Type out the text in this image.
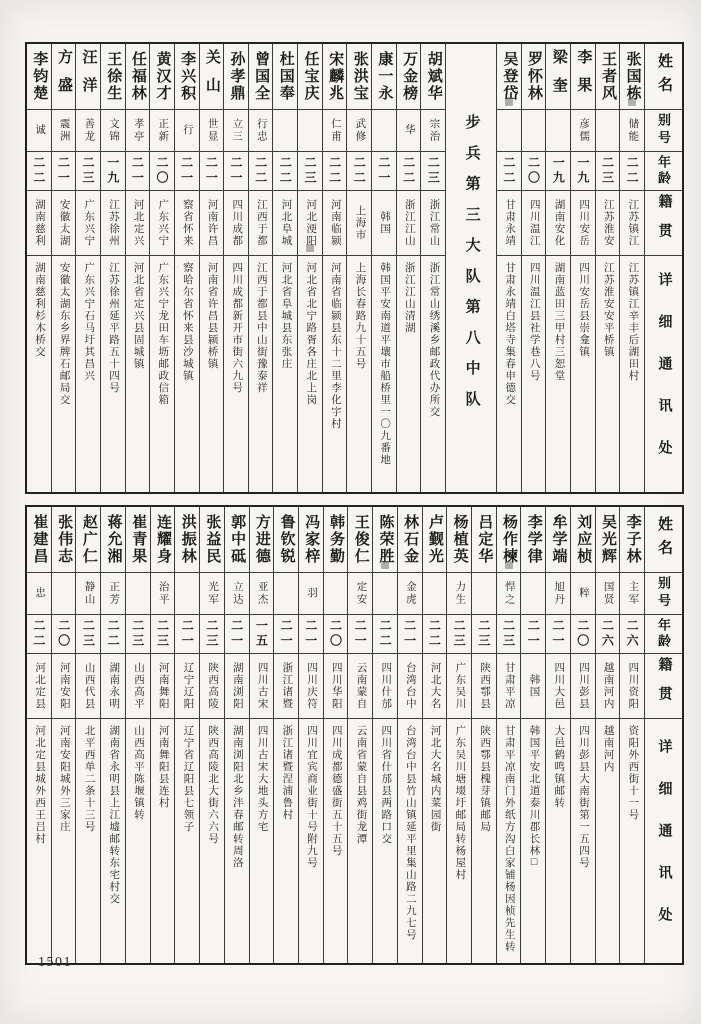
姓名
别号
年龄
籍贯
详细通讯处
张国栋
储能
二二
江苏镇江
江苏镇江辛丰后湖田村
王者风
二三
江苏淮安
江苏淮安安平桥镇
李果
彦儒
一九
四川安岳
四川安岳县崇龛镇
梁奎
一九
湖南安化
湖南蓝田三甲村三恕堂
罗怀林
二〇
四川温江
四川温江县社学巷八号
吴登岱
二二
甘肃永靖
甘肃永靖白塔寺集春申德交
步兵第三大队第八中队
胡斌华
宗治
二三
浙江常山
浙江常山绣溪乡邮政代办所交
万金榜
华
二二
浙江江山
浙江江山清湖
康一永
二一
韩国
韩国平安南道平壤市船桥里一〇九番地
张洪宝
武修
二二
上海市
上海长春路九十五号
宋麟兆
仁甫
二二
河南临颍
河南省临颍县东十二里李化宇村
任宝庆
二三
河北浭阳
河北省北宁路胥各庄北上岗
杜国奉
二二
河北阜城
河北省阜城县东张庄
曾国全
行忠
二二
江西于都
江西于都县中山街豫泰祥
孙孝鼎
立三
二一
四川成都
四川成都新开市街六九号
关山
世显
二一
河南许昌
河南省许昌县颍桥镇
李兴积
行
二一
察省怀来
察哈尔省怀来县沙城镇
黄汉才
正新
二〇
广东兴宁
广东兴宁龙田车坜邮政信箱
任福林
孝亭
二一
河北定兴
河北省定兴县固城镇
王徐生
文锦
一九
江苏徐州
江苏徐州延平路五十四号
汪洋
善龙
二三
广东兴宁
广东兴宁石马圩其昌兴
方盛
震洲
二一
安徽太湖
安徽太湖东乡界牌石邮局交
李钧楚
诚
二二
湖南慈利
湖南慈利杉木桥交
姓名
别号
年龄
籍贯
详细通讯处
李子林
主军
二六
四川资阳
资阳外西街十一号
吴光辉
国贤
二六
越南河内
越南河内
刘应桢
粹
二〇
四川彭县
四川彭县大南街第一五四号
牟学端
旭丹
二一
四川大邑
大邑鹤鸣镇邮转
李学律
二一
韩国
韩国平安北道泰川郡长林□
杨作楝
悍之
二三
甘肃平凉
甘肃平凉南门外纸方沟白家铺杨因桢先生转
吕定华
二三
陕西鄠县
陕西鄠县槐芽镇邮局
杨植英
力生
二三
广东吴川
广东吴川塘㙍圩邮局转杨屋村
卢觐光
二二
河北大名
河北大名城内菜园街
林石金
金虎
二一
台湾台中
台湾台中县竹山镇延平里集山路二九七号
陈荣胜
二二
四川什邡
四川省什邡县两路口交
王俊仁
定安
二一
云南蒙自
云南省蒙自县鸡街龙潭
韩务勤
二〇
四川华阳
四川成都德盛街五十五号
冯家梓
羽
二一
四川庆符
四川宜宾商业街十号附九号
鲁钦锐
二一
浙江诸暨
浙江诸暨涅浦鲁村
方进德
亚杰
一五
四川古宋
四川古宋大地头方宅
郭中砥
立达
二一
湖南浏阳
湖南浏阳北乡泮春邮转周洛
张益民
光军
二三
陕西高陵
陕西高陵北大街六六号
洪振林
二一
辽宁辽阳
辽宁省辽阳县七领子
连耀身
治平
二三
河南舞阳
河南舞阳县连村
崔青果
二三
山西高平
山西高平陈堰镇转
蒋允湘
正芳
二二
湖南永明
湖南省永明县上江墟邮转东宅村交
赵广仁
静山
二三
山西代县
北平西单二条十三号
张伟志
二〇
河南安阳
河南安阳城外三家庄
崔建昌
忠
二二
河北定县
河北定县城外西王吕村
1501
